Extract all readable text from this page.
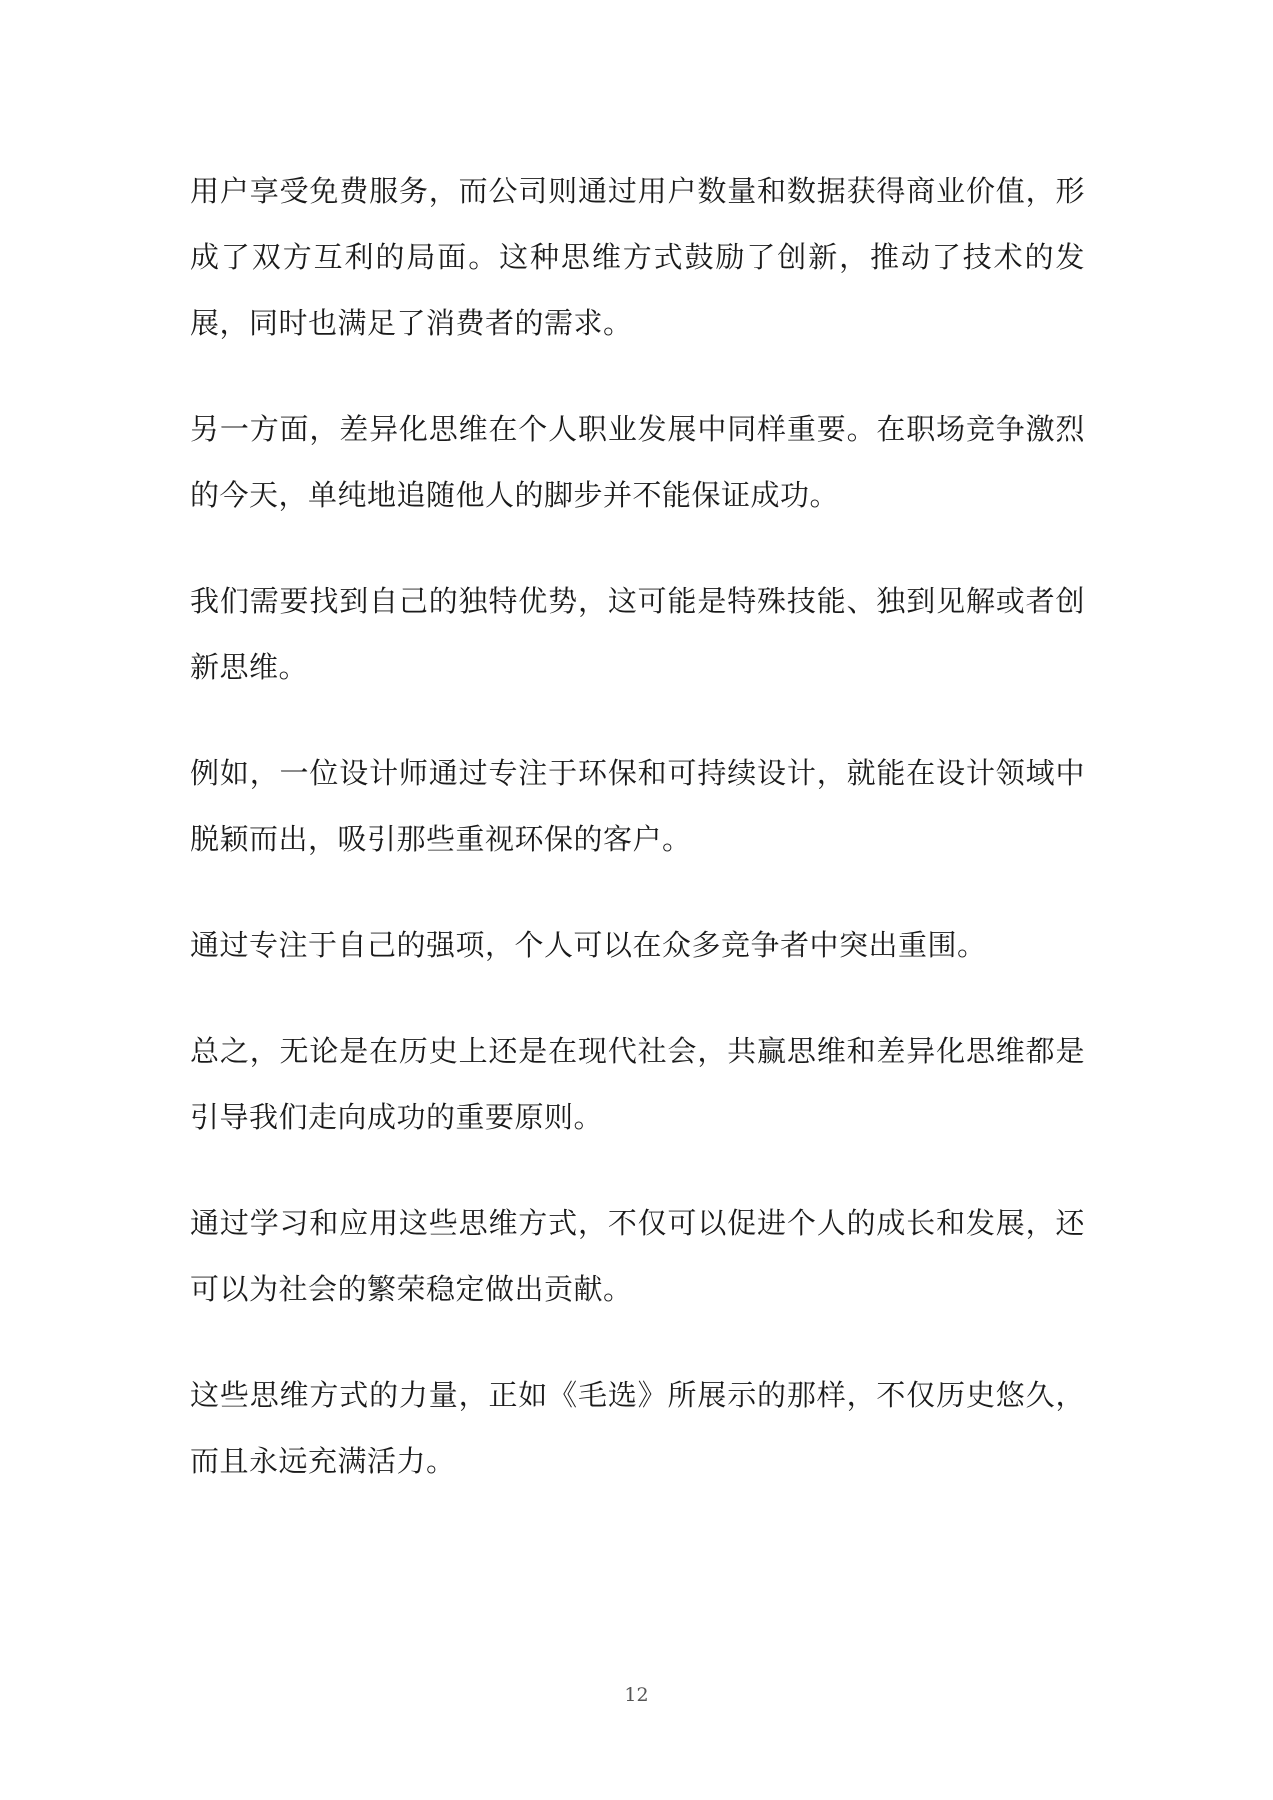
用户享受免费服务，而公司则通过用户数量和数据获得商业价值，形成了双方互利的局面。这种思维方式鼓励了创新，推动了技术的发展，同时也满足了消费者的需求。

另一方面，差异化思维在个人职业发展中同样重要。在职场竞争激烈的今天，单纯地追随他人的脚步并不能保证成功。

我们需要找到自己的独特优势，这可能是特殊技能、独到见解或者创新思维。

例如，一位设计师通过专注于环保和可持续设计，就能在设计领域中脱颖而出，吸引那些重视环保的客户。

通过专注于自己的强项，个人可以在众多竞争者中突出重围。

总之，无论是在历史上还是在现代社会，共赢思维和差异化思维都是引导我们走向成功的重要原则。

通过学习和应用这些思维方式，不仅可以促进个人的成长和发展，还可以为社会的繁荣稳定做出贡献。

这些思维方式的力量，正如《毛选》所展示的那样，不仅历史悠久，而且永远充满活力。

12
